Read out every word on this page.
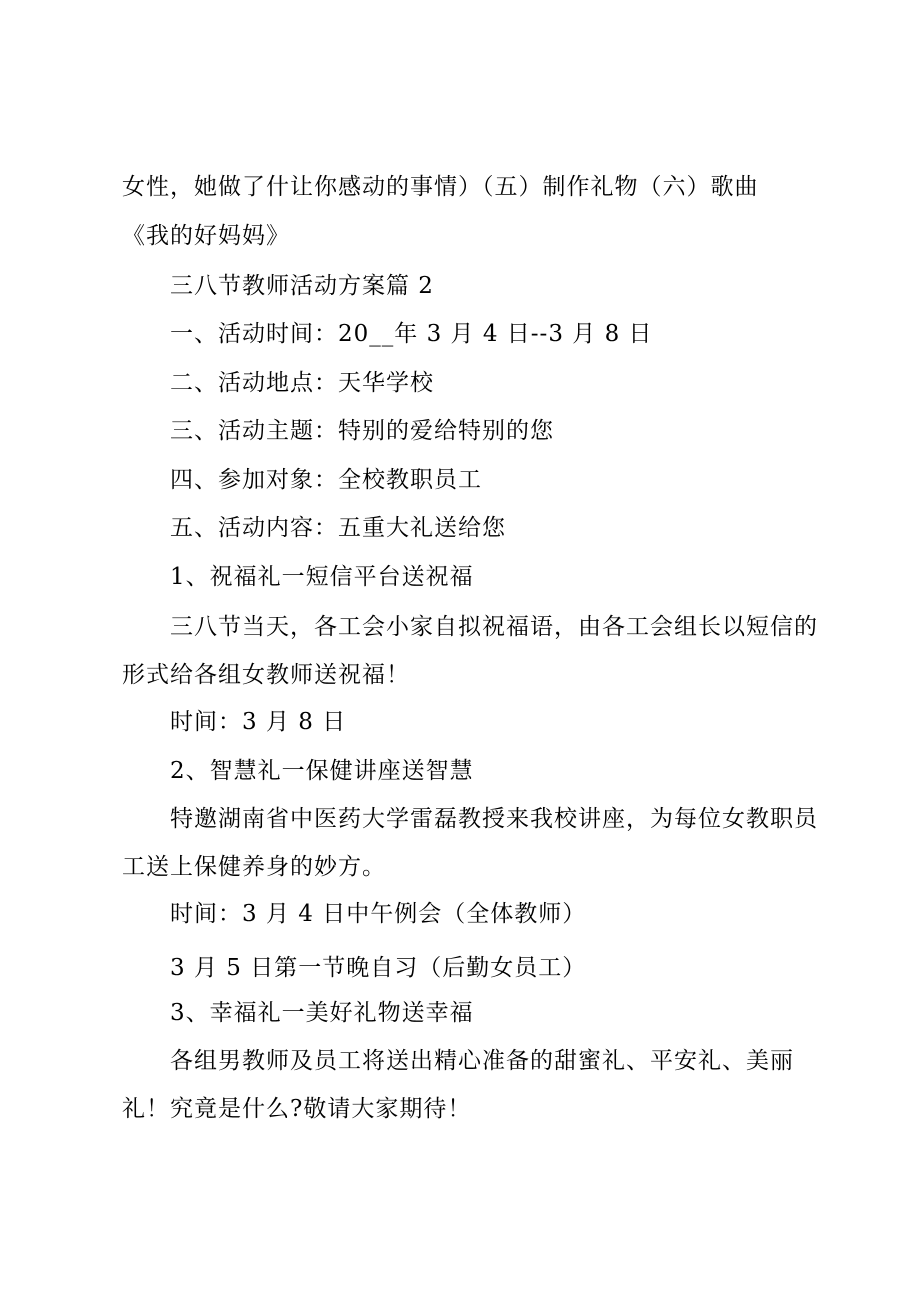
女性，她做了什让你感动的事情）（五）制作礼物（六）歌曲
《我的好妈妈》
三八节教师活动方案篇 2
一、活动时间：20__年 3 月 4 日--3 月 8 日
二、活动地点：天华学校
三、活动主题：特别的爱给特别的您
四、参加对象：全校教职员工
五、活动内容：五重大礼送给您
1、祝福礼一短信平台送祝福
三八节当天，各工会小家自拟祝福语，由各工会组长以短信的
形式给各组女教师送祝福！
时间：3 月 8 日
2、智慧礼一保健讲座送智慧
特邀湖南省中医药大学雷磊教授来我校讲座，为每位女教职员
工送上保健养身的妙方。
时间：3 月 4 日中午例会（全体教师）
3 月 5 日第一节晚自习（后勤女员工）
3、幸福礼一美好礼物送幸福
各组男教师及员工将送出精心准备的甜蜜礼、平安礼、美丽
礼！究竟是什么?敬请大家期待！
